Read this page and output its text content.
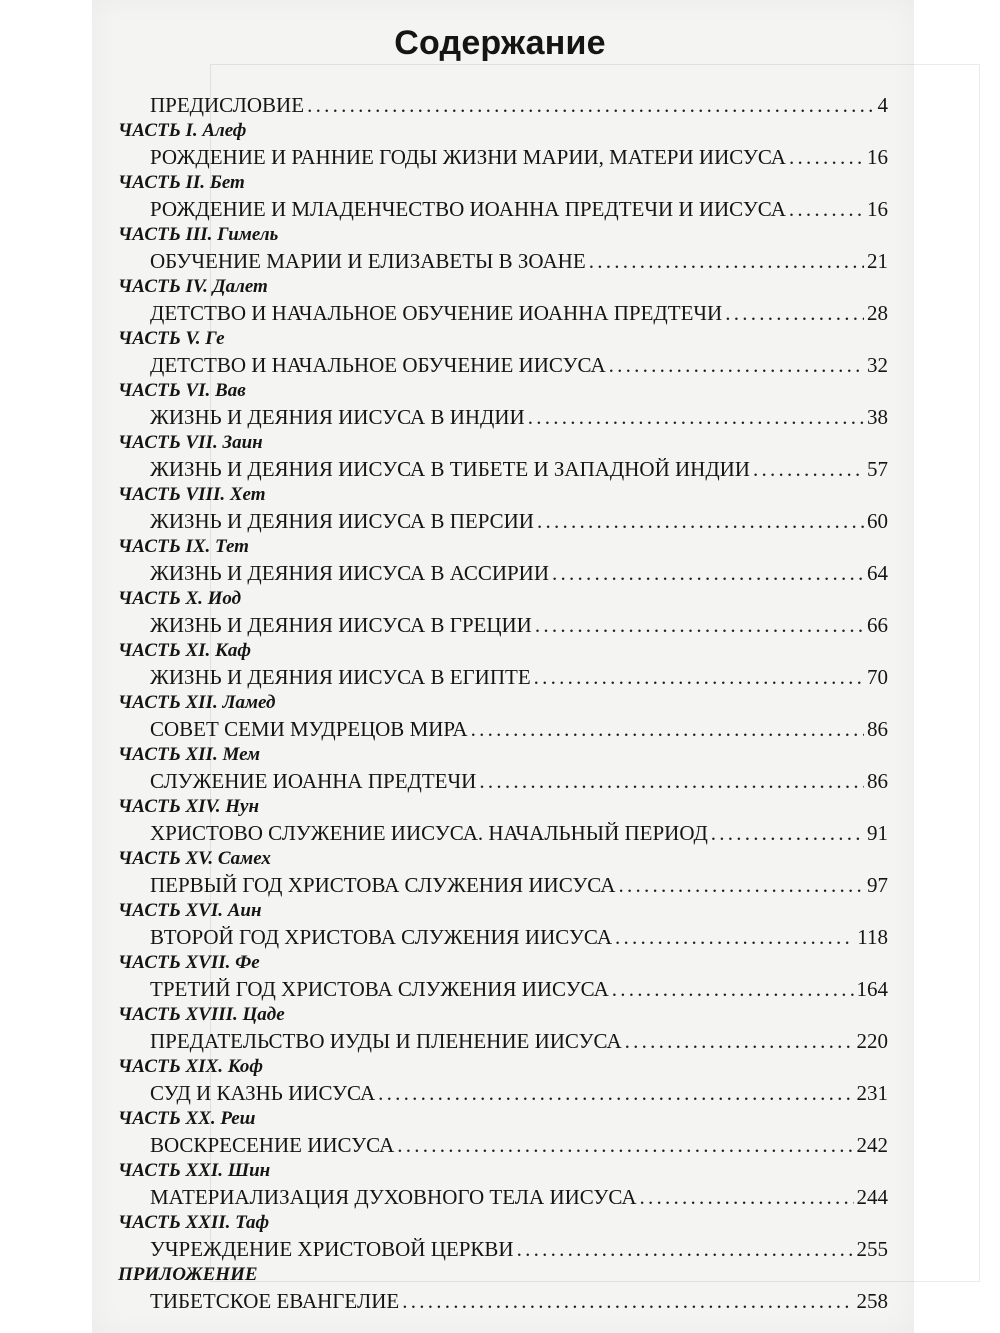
Содержание
ПРЕДИСЛОВИЕ . . .	4
ЧАСТЬ I. Алеф
РОЖДЕНИЕ И РАННИЕ ГОДЫ ЖИЗНИ МАРИИ, МАТЕРИ ИИСУСА . . .	16
ЧАСТЬ II. Бет
РОЖДЕНИЕ И МЛАДЕНЧЕСТВО ИОАННА ПРЕДТЕЧИ И ИИСУСА . . .	16
ЧАСТЬ III. Гимель
ОБУЧЕНИЕ МАРИИ И ЕЛИЗАВЕТЫ В ЗОАНЕ . . .	21
ЧАСТЬ IV. Далет
ДЕТСТВО И НАЧАЛЬНОЕ ОБУЧЕНИЕ ИОАННА ПРЕДТЕЧИ . . .	28
ЧАСТЬ V. Ге
ДЕТСТВО И НАЧАЛЬНОЕ ОБУЧЕНИЕ ИИСУСА . . .	32
ЧАСТЬ VI. Вав
ЖИЗНЬ И ДЕЯНИЯ ИИСУСА В ИНДИИ . . .	38
ЧАСТЬ VII. Заин
ЖИЗНЬ И ДЕЯНИЯ ИИСУСА В ТИБЕТЕ И ЗАПАДНОЙ ИНДИИ . . .	57
ЧАСТЬ VIII. Хет
ЖИЗНЬ И ДЕЯНИЯ ИИСУСА В ПЕРСИИ . . .	60
ЧАСТЬ IX. Тет
ЖИЗНЬ И ДЕЯНИЯ ИИСУСА В АССИРИИ . . .	64
ЧАСТЬ X. Иод
ЖИЗНЬ И ДЕЯНИЯ ИИСУСА В ГРЕЦИИ . . .	66
ЧАСТЬ XI. Каф
ЖИЗНЬ И ДЕЯНИЯ ИИСУСА В ЕГИПТЕ . . .	70
ЧАСТЬ XII. Ламед
СОВЕТ СЕМИ МУДРЕЦОВ МИРА . . .	86
ЧАСТЬ XII. Мем
СЛУЖЕНИЕ ИОАННА ПРЕДТЕЧИ . . .	86
ЧАСТЬ XIV. Нун
ХРИСТОВО СЛУЖЕНИЕ ИИСУСА. НАЧАЛЬНЫЙ ПЕРИОД . . .	91
ЧАСТЬ XV. Самех
ПЕРВЫЙ ГОД ХРИСТОВА СЛУЖЕНИЯ ИИСУСА . . .	97
ЧАСТЬ XVI. Аин
ВТОРОЙ ГОД ХРИСТОВА СЛУЖЕНИЯ ИИСУСА . . .	118
ЧАСТЬ XVII. Фе
ТРЕТИЙ ГОД ХРИСТОВА СЛУЖЕНИЯ ИИСУСА . . .	164
ЧАСТЬ XVIII. Цаде
ПРЕДАТЕЛЬСТВО ИУДЫ И ПЛЕНЕНИЕ ИИСУСА . . .	220
ЧАСТЬ XIX. Коф
СУД И КАЗНЬ ИИСУСА . . .	231
ЧАСТЬ XX. Реш
ВОСКРЕСЕНИЕ ИИСУСА . . .	242
ЧАСТЬ XXI. Шин
МАТЕРИАЛИЗАЦИЯ ДУХОВНОГО ТЕЛА ИИСУСА . . .	244
ЧАСТЬ XXII. Таф
УЧРЕЖДЕНИЕ ХРИСТОВОЙ ЦЕРКВИ . . .	255
ПРИЛОЖЕНИЕ
ТИБЕТСКОЕ ЕВАНГЕЛИЕ . . .	258
